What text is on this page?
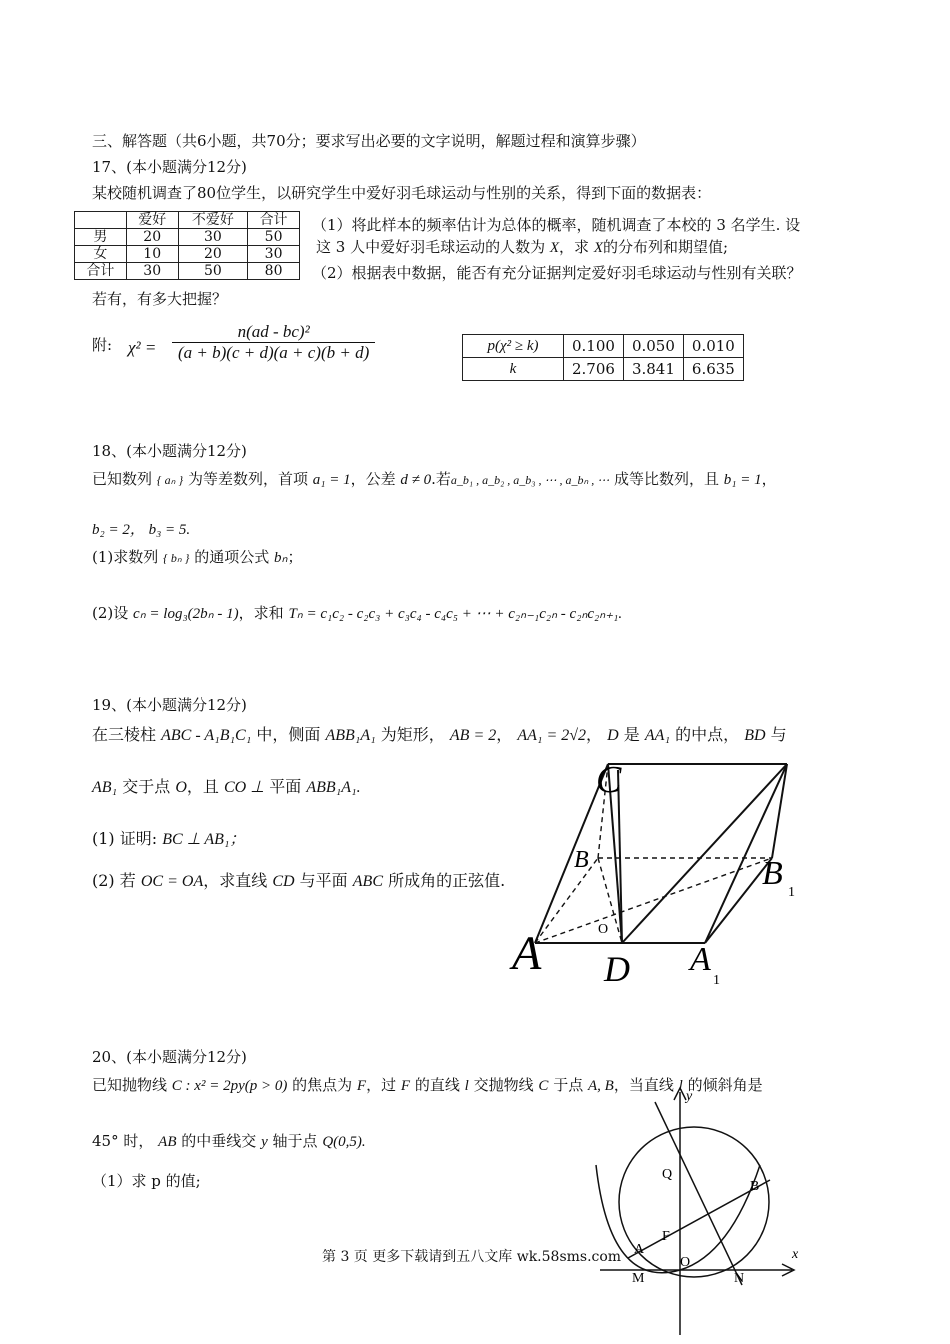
三、解答题（共6小题，共70分；要求写出必要的文字说明，解题过程和演算步骤）
17、(本小题满分12分)
某校随机调查了80位学生，以研究学生中爱好羽毛球运动与性别的关系，得到下面的数据表：
	爱好	不爱好	合计
男	20	30	50
女	10	20	30
合计	30	50	80
（1）将此样本的频率估计为总体的概率，随机调查了本校的 3 名学生. 设
这 3 人中爱好羽毛球运动的人数为 X，求 X的分布列和期望值;
（2）根据表中数据，能否有充分证据判定爱好羽毛球运动与性别有关联？
若有，有多大把握？
附: $\chi^2 = \frac{\text{n(ad - bc)²}}{(a + b)(c + d)(a + c)(b + d)}$	p(χ² ≥ k)	0.100	0.050	0.010
k	2.706	3.841	6.635
18、(本小题满分12分)
已知数列 { aₙ } 为等差数列，首项 a₁ = 1，公差 d ≠ 0.若a_b₁ , a_b₂ , a_b₃ , ⋯ , a_bₙ , ⋯ 成等比数列，且 b₁ = 1，
b₂ = 2， b₃ = 5.
(1)求数列 { bₙ } 的通项公式 bₙ；
(2)设 cₙ = log₃(2bₙ - 1)，求和 Tₙ = c₁c₂ - c₂c₃ + c₃c₄ - c₄c₅ + ⋯ + c₂ₙ₋₁c₂ₙ - c₂ₙc₂ₙ₊₁.
19、(本小题满分12分)
在三棱柱 ABC - A₁B₁C₁ 中，侧面 ABB₁A₁ 为矩形， AB = 2， AA₁ = 2√2， D 是 AA₁ 的中点， BD 与
AB₁ 交于点 O，且 CO ⊥ 平面 ABB₁A₁.
(1) 证明: BC ⊥ AB₁；
(2) 若 OC = OA，求直线 CD 与平面 ABC 所成角的正弦值.
C
B	B
1
O
A D A
1
20、(本小题满分12分)
已知抛物线 C : x² = 2py(p > 0) 的焦点为 F，过 F 的直线 l 交抛物线 C 于点 A, B，当直线 l 的倾斜角是
45° 时， AB 的中垂线交 y 轴于点 Q(0,5).
（1）求 p 的值;
y
Q
B
F
A
O
M	N
x
第 3 页 更多下载请到五八文库 wk.58sms.com
